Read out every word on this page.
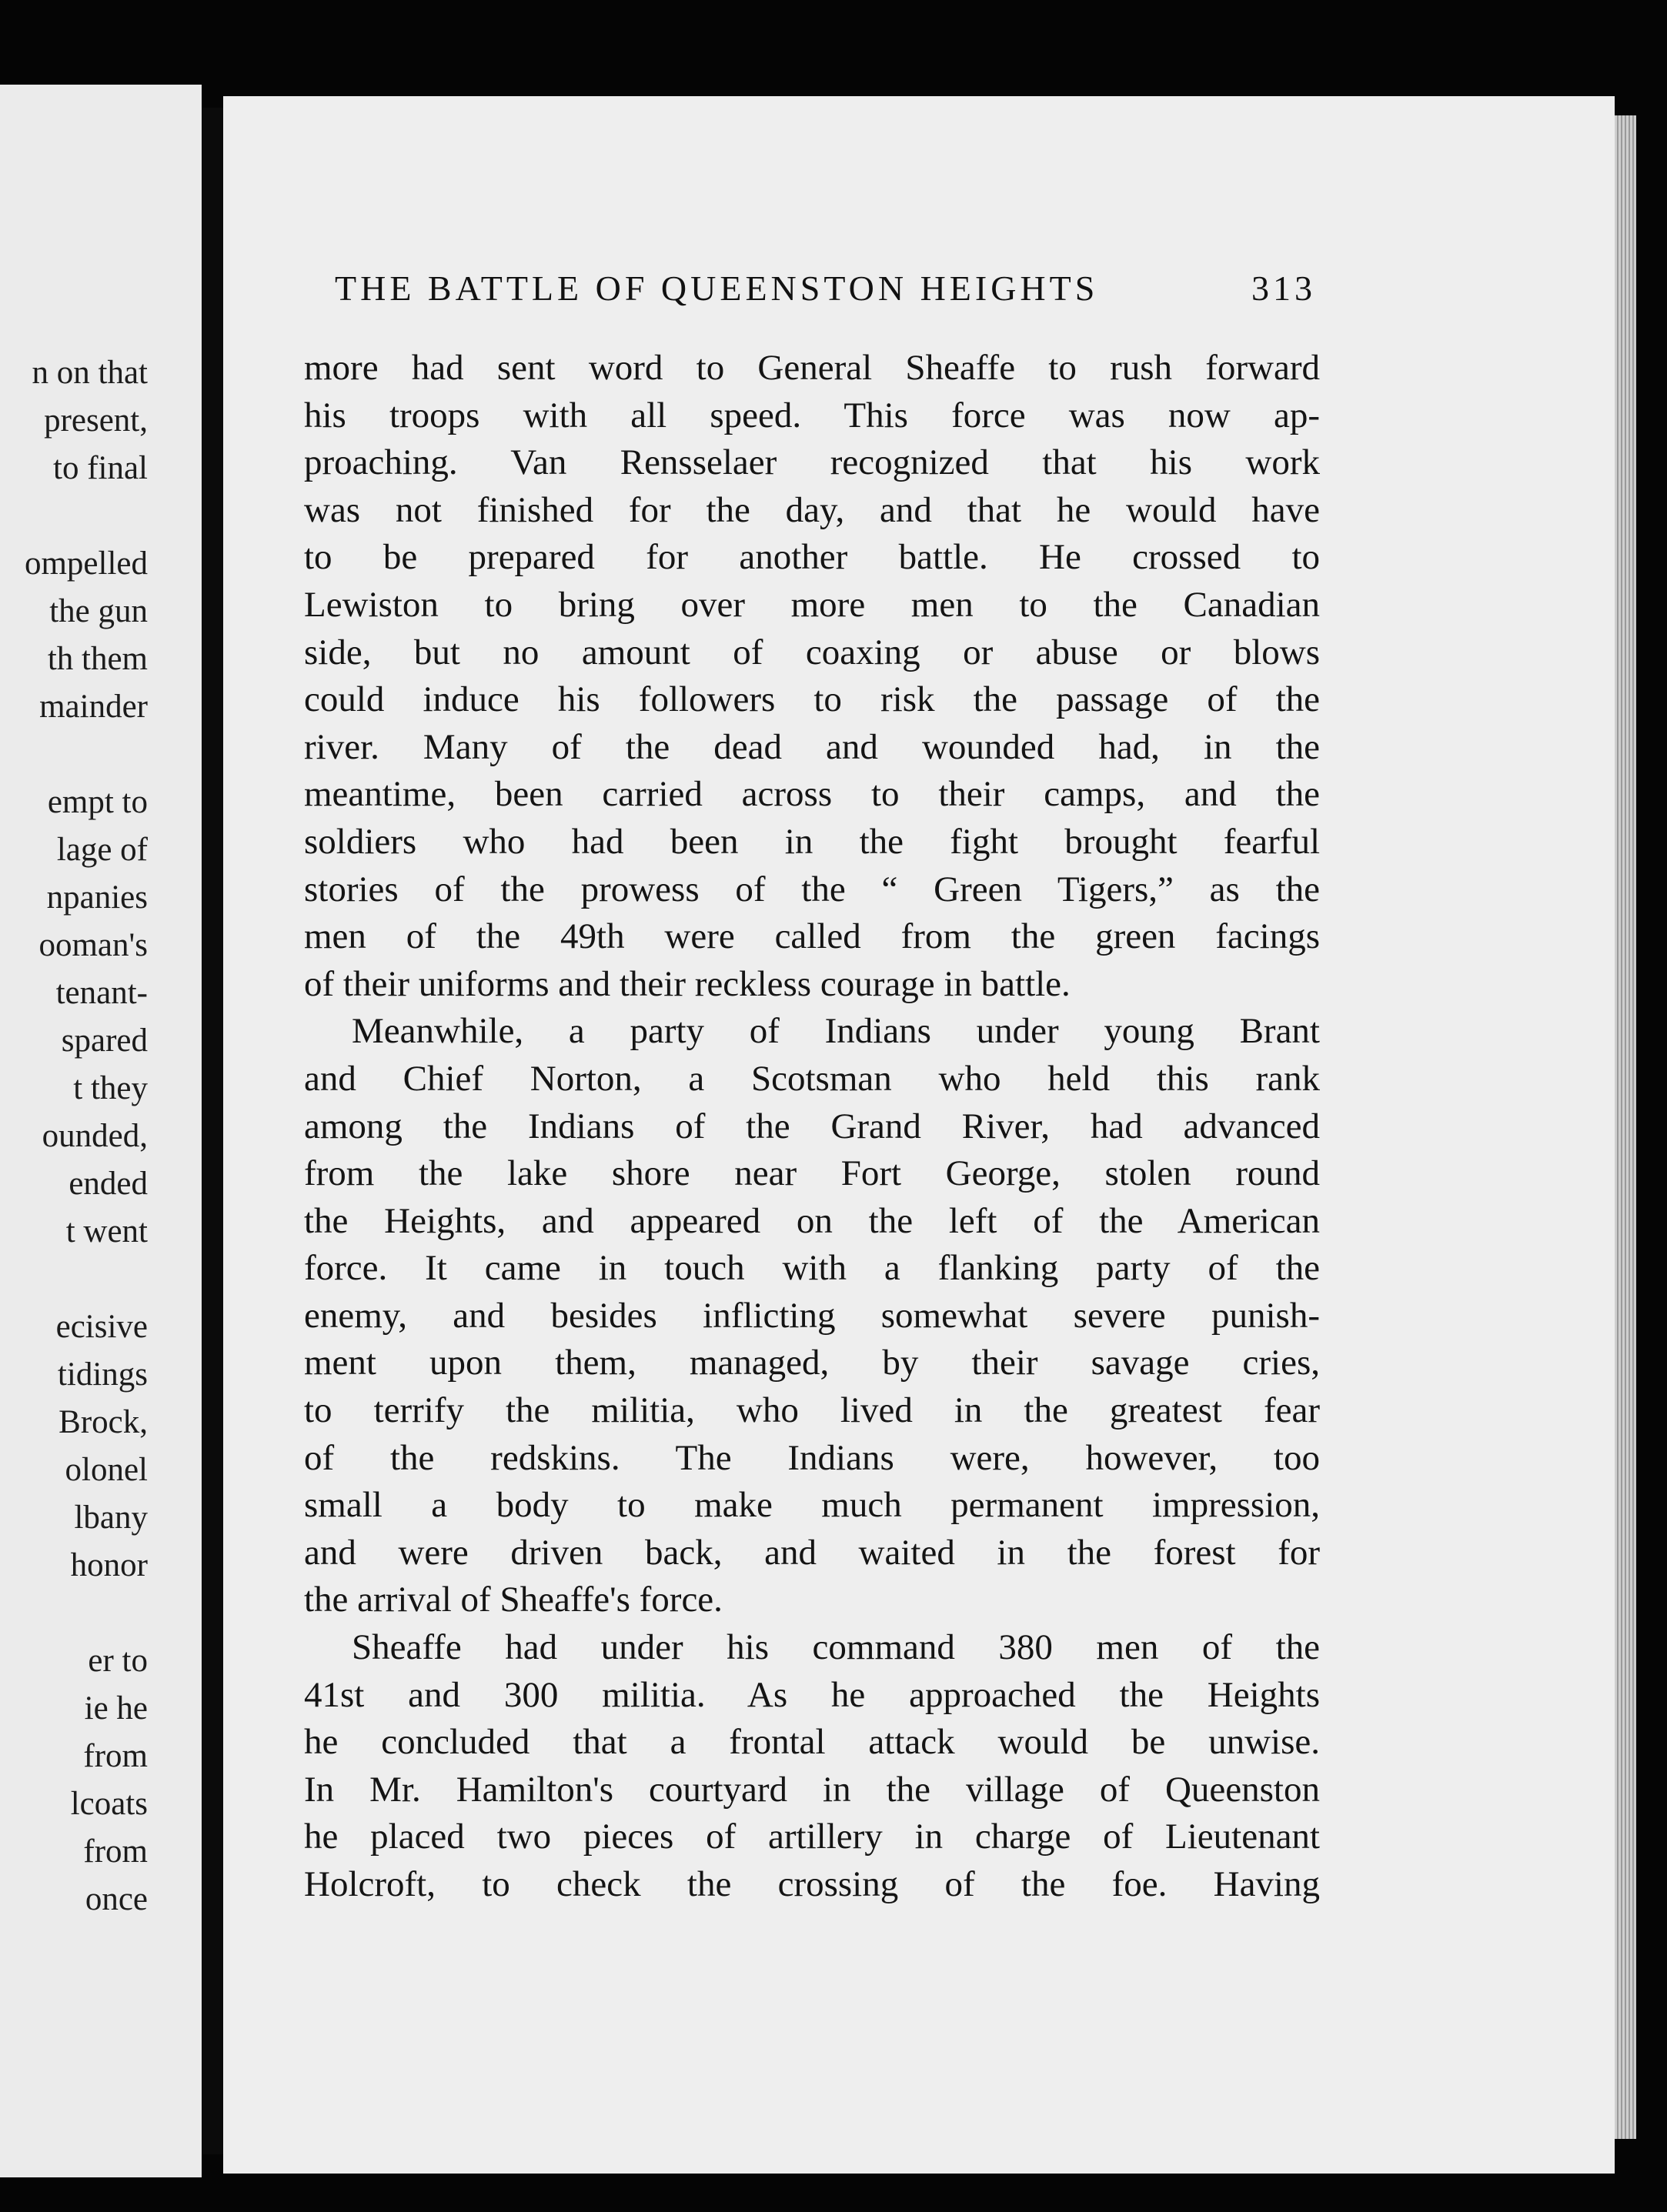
n on that
present,
to final
ompelled
the gun
th them
mainder
empt to
lage of
npanies
ooman's
tenant-
spared
t they
ounded,
ended
t went
ecisive
tidings
Brock,
olonel
lbany
honor
er to
ie he
from
lcoats
from
once
THE BATTLE OF QUEENSTON HEIGHTS	313
more had sent word to General Sheaffe to rush forward
his troops with all speed. This force was now ap-
proaching. Van Rensselaer recognized that his work
was not finished for the day, and that he would have
to be prepared for another battle. He crossed to
Lewiston to bring over more men to the Canadian
side, but no amount of coaxing or abuse or blows
could induce his followers to risk the passage of the
river. Many of the dead and wounded had, in the
meantime, been carried across to their camps, and the
soldiers who had been in the fight brought fearful
stories of the prowess of the “ Green Tigers,” as the
men of the 49th were called from the green facings
of their uniforms and their reckless courage in battle.
Meanwhile, a party of Indians under young Brant
and Chief Norton, a Scotsman who held this rank
among the Indians of the Grand River, had advanced
from the lake shore near Fort George, stolen round
the Heights, and appeared on the left of the American
force. It came in touch with a flanking party of the
enemy, and besides inflicting somewhat severe punish-
ment upon them, managed, by their savage cries,
to terrify the militia, who lived in the greatest fear
of the redskins. The Indians were, however, too
small a body to make much permanent impression,
and were driven back, and waited in the forest for
the arrival of Sheaffe's force.
Sheaffe had under his command 380 men of the
41st and 300 militia. As he approached the Heights
he concluded that a frontal attack would be unwise.
In Mr. Hamilton's courtyard in the village of Queenston
he placed two pieces of artillery in charge of Lieutenant
Holcroft, to check the crossing of the foe. Having
